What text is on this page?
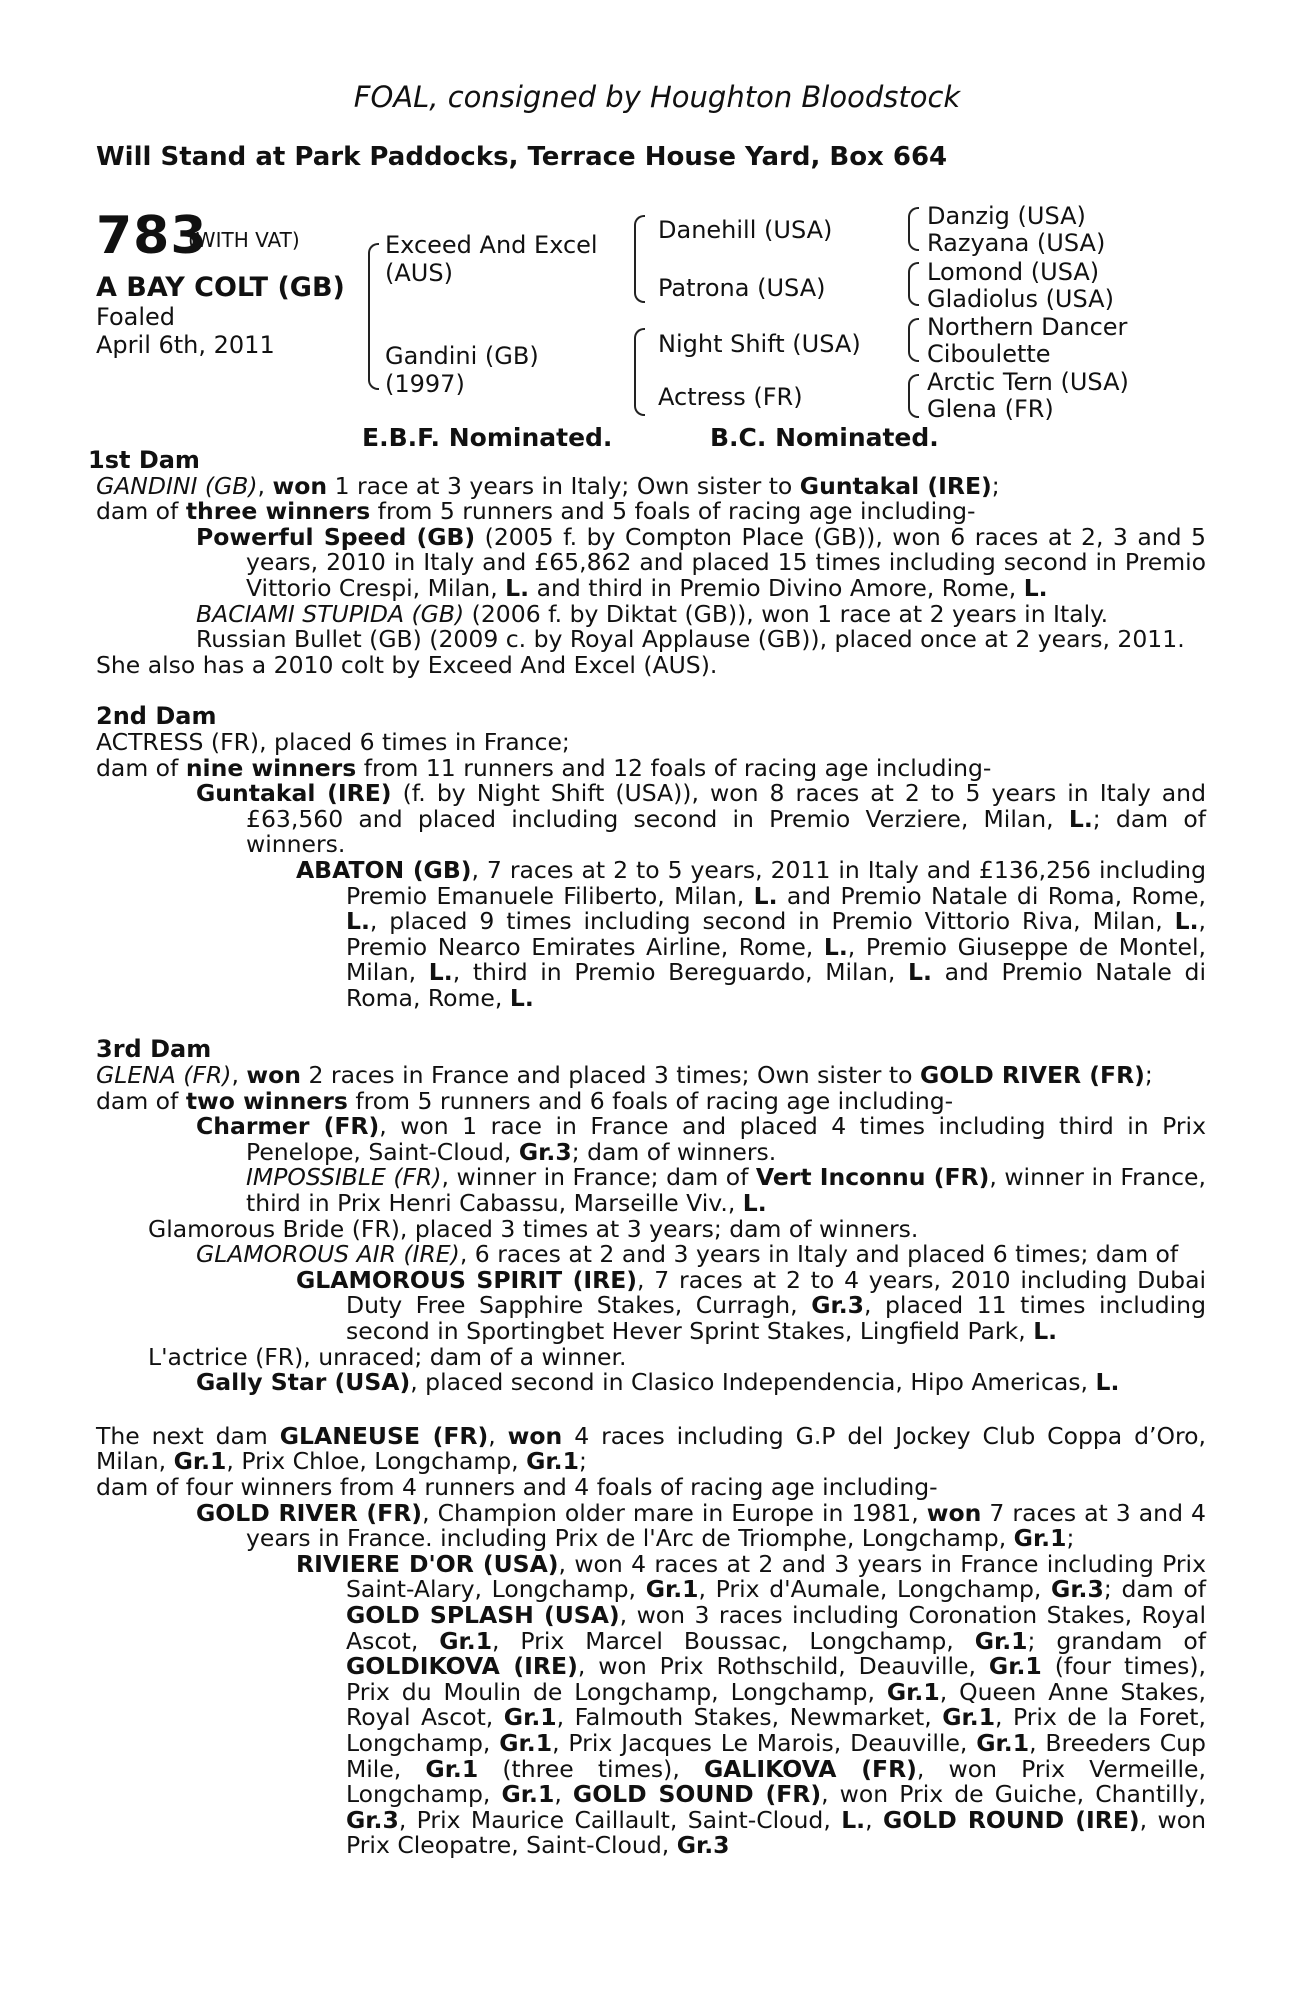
FOAL, consigned by Houghton Bloodstock
Will Stand at Park Paddocks, Terrace House Yard, Box 664
783
(WITH VAT)
A BAY COLT (GB)
Foaled
April 6th, 2011
Exceed And Excel
(AUS)
Gandini (GB)
(1997)
Danehill (USA)
Patrona (USA)
Night Shift (USA)
Actress (FR)
Danzig (USA)
Razyana (USA)
Lomond (USA)
Gladiolus (USA)
Northern Dancer
Ciboulette
Arctic Tern (USA)
Glena (FR)
E.B.F. Nominated.	B.C. Nominated.

1st Dam

GANDINI (GB), won 1 race at 3 years in Italy; Own sister to Guntakal (IRE);

dam of three winners from 5 runners and 5 foals of racing age including-

Powerful Speed (GB) (2005 f. by Compton Place (GB)), won 6 races at 2, 3 and 5 years, 2010 in Italy and £65,862 and placed 15 times including second in Premio Vittorio Crespi, Milan, L. and third in Premio Divino Amore, Rome, L.

BACIAMI STUPIDA (GB) (2006 f. by Diktat (GB)), won 1 race at 2 years in Italy.

Russian Bullet (GB) (2009 c. by Royal Applause (GB)), placed once at 2 years, 2011.

She also has a 2010 colt by Exceed And Excel (AUS).

2nd Dam

ACTRESS (FR), placed 6 times in France;

dam of nine winners from 11 runners and 12 foals of racing age including-

Guntakal (IRE) (f. by Night Shift (USA)), won 8 races at 2 to 5 years in Italy and £63,560 and placed including second in Premio Verziere, Milan, L.; dam of winners.

ABATON (GB), 7 races at 2 to 5 years, 2011 in Italy and £136,256 including Premio Emanuele Filiberto, Milan, L. and Premio Natale di Roma, Rome, L., placed 9 times including second in Premio Vittorio Riva, Milan, L., Premio Nearco Emirates Airline, Rome, L., Premio Giuseppe de Montel, Milan, L., third in Premio Bereguardo, Milan, L. and Premio Natale di Roma, Rome, L.

3rd Dam

GLENA (FR), won 2 races in France and placed 3 times; Own sister to GOLD RIVER (FR);

dam of two winners from 5 runners and 6 foals of racing age including-

Charmer (FR), won 1 race in France and placed 4 times including third in Prix Penelope, Saint-Cloud, Gr.3; dam of winners.

IMPOSSIBLE (FR), winner in France; dam of Vert Inconnu (FR), winner in France, third in Prix Henri Cabassu, Marseille Viv., L.

Glamorous Bride (FR), placed 3 times at 3 years; dam of winners.

GLAMOROUS AIR (IRE), 6 races at 2 and 3 years in Italy and placed 6 times; dam of

GLAMOROUS SPIRIT (IRE), 7 races at 2 to 4 years, 2010 including Dubai Duty Free Sapphire Stakes, Curragh, Gr.3, placed 11 times including second in Sportingbet Hever Sprint Stakes, Lingfield Park, L.

L'actrice (FR), unraced; dam of a winner.

Gally Star (USA), placed second in Clasico Independencia, Hipo Americas, L.

The next dam GLANEUSE (FR), won 4 races including G.P del Jockey Club Coppa d’Oro, Milan, Gr.1, Prix Chloe, Longchamp, Gr.1;

dam of four winners from 4 runners and 4 foals of racing age including-

GOLD RIVER (FR), Champion older mare in Europe in 1981, won 7 races at 3 and 4 years in France. including Prix de l'Arc de Triomphe, Longchamp, Gr.1;

RIVIERE D'OR (USA), won 4 races at 2 and 3 years in France including Prix Saint-Alary, Longchamp, Gr.1, Prix d'Aumale, Longchamp, Gr.3; dam of GOLD SPLASH (USA), won 3 races including Coronation Stakes, Royal Ascot, Gr.1, Prix Marcel Boussac, Longchamp, Gr.1; grandam of GOLDIKOVA (IRE), won Prix Rothschild, Deauville, Gr.1 (four times), Prix du Moulin de Longchamp, Longchamp, Gr.1, Queen Anne Stakes, Royal Ascot, Gr.1, Falmouth Stakes, Newmarket, Gr.1, Prix de la Foret, Longchamp, Gr.1, Prix Jacques Le Marois, Deauville, Gr.1, Breeders Cup Mile, Gr.1 (three times), GALIKOVA (FR), won Prix Vermeille, Longchamp, Gr.1, GOLD SOUND (FR), won Prix de Guiche, Chantilly, Gr.3, Prix Maurice Caillault, Saint-Cloud, L., GOLD ROUND (IRE), won Prix Cleopatre, Saint-Cloud, Gr.3
